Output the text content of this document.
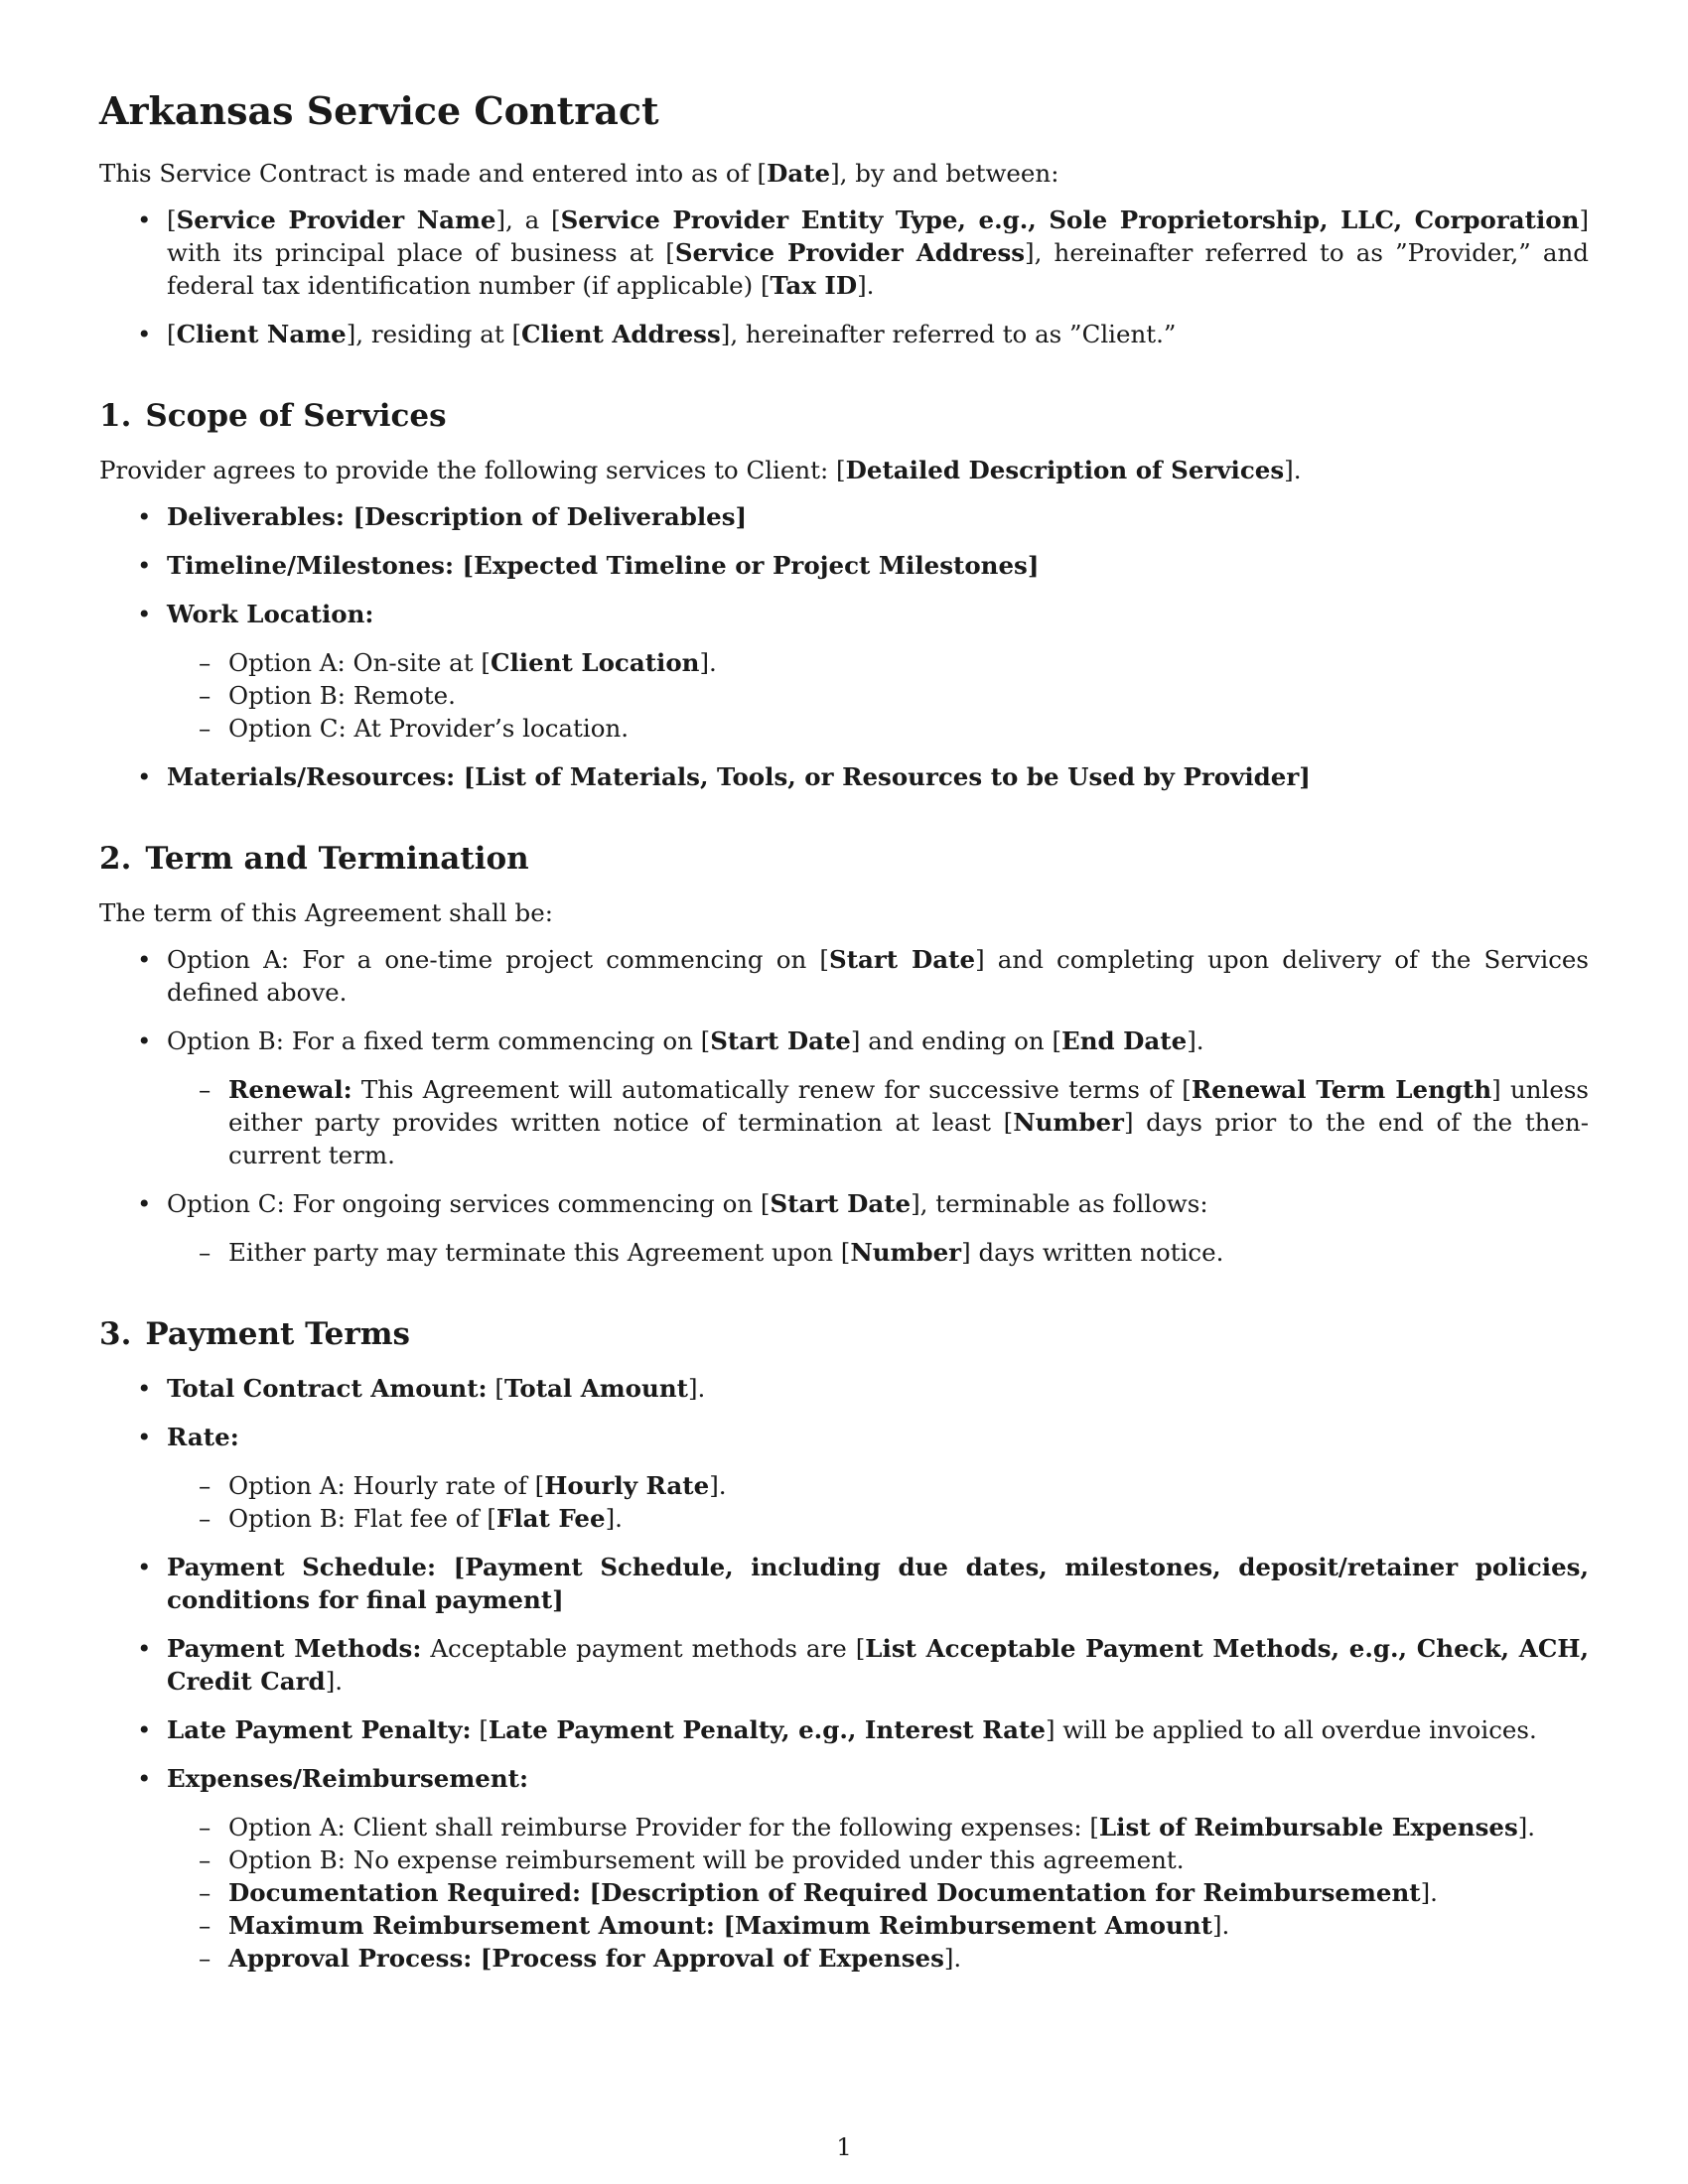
Arkansas Service Contract

This Service Contract is made and entered into as of [Date], by and between:

• [Service Provider Name], a [Service Provider Entity Type, e.g., Sole Proprietorship, LLC, Corporation] with its principal place of business at [Service Provider Address], hereinafter referred to as ”Provider,” and federal tax identification number (if applicable) [Tax ID].
• [Client Name], residing at [Client Address], hereinafter referred to as ”Client.”
1. Scope of Services

Provider agrees to provide the following services to Client: [Detailed Description of Services].

• Deliverables: [Description of Deliverables]
• Timeline/Milestones: [Expected Timeline or Project Milestones]
• Work Location:
– Option A: On-site at [Client Location].
– Option B: Remote.
– Option C: At Provider’s location.
• Materials/Resources: [List of Materials, Tools, or Resources to be Used by Provider]
2. Term and Termination

The term of this Agreement shall be:

• Option A: For a one-time project commencing on [Start Date] and completing upon delivery of the Services defined above.
• Option B: For a fixed term commencing on [Start Date] and ending on [End Date].
– Renewal: This Agreement will automatically renew for successive terms of [Renewal Term Length] unless either party provides written notice of termination at least [Number] days prior to the end of the then-current term.
• Option C: For ongoing services commencing on [Start Date], terminable as follows:
– Either party may terminate this Agreement upon [Number] days written notice.
3. Payment Terms
• Total Contract Amount: [Total Amount].
• Rate:
– Option A: Hourly rate of [Hourly Rate].
– Option B: Flat fee of [Flat Fee].
• Payment Schedule: [Payment Schedule, including due dates, milestones, deposit/retainer policies, conditions for final payment]
• Payment Methods: Acceptable payment methods are [List Acceptable Payment Methods, e.g., Check, ACH, Credit Card].
• Late Payment Penalty: [Late Payment Penalty, e.g., Interest Rate] will be applied to all overdue invoices.
• Expenses/Reimbursement:
– Option A: Client shall reimburse Provider for the following expenses: [List of Reimbursable Expenses].
– Option B: No expense reimbursement will be provided under this agreement.
– Documentation Required: [Description of Required Documentation for Reimbursement].
– Maximum Reimbursement Amount: [Maximum Reimbursement Amount].
– Approval Process: [Process for Approval of Expenses].
1
